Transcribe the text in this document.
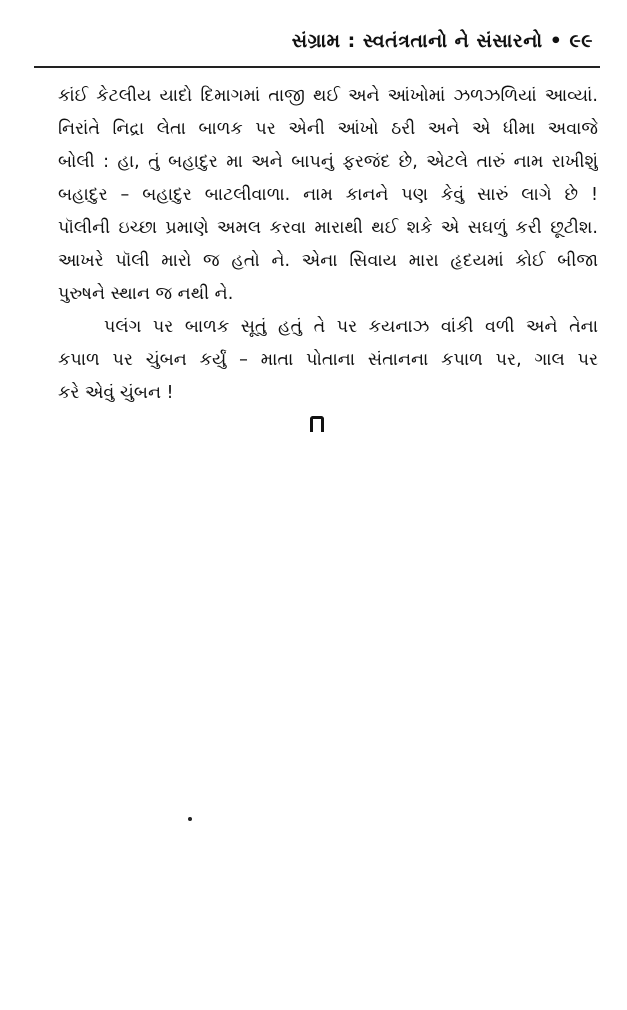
સંગ્રામ : સ્વતંત્રતાનો ને સંસારનો • ૯૯
કાંઈ કેટલીય યાદો દિમાગમાં તાજી થઈ અને આંખોમાં ઝળઝળિયાં આવ્યાં.
નિરાંતે નિદ્રા લેતા બાળક પર એની આંખો ઠરી અને એ ધીમા અવાજે
બોલી : હા, તું બહાદુર મા અને બાપનું ફરજંદ છે, એટલે તારું નામ રાખીશું
બહાદુર – બહાદુર બાટલીવાળા. નામ કાનને પણ કેવું સારું લાગે છે !
પૉલીની ઇચ્છા પ્રમાણે અમલ કરવા મારાથી થઈ શકે એ સઘળું કરી છૂટીશ.
આખરે પૉલી મારો જ હતો ને. એના સિવાય મારા હૃદયમાં કોઈ બીજા
પુરુષને સ્થાન જ નથી ને.
પલંગ પર બાળક સૂતું હતું તે પર કયનાઝ વાંકી વળી અને તેના
કપાળ પર ચુંબન કર્યું – માતા પોતાના સંતાનના કપાળ પર, ગાલ પર
કરે એવું ચુંબન !
